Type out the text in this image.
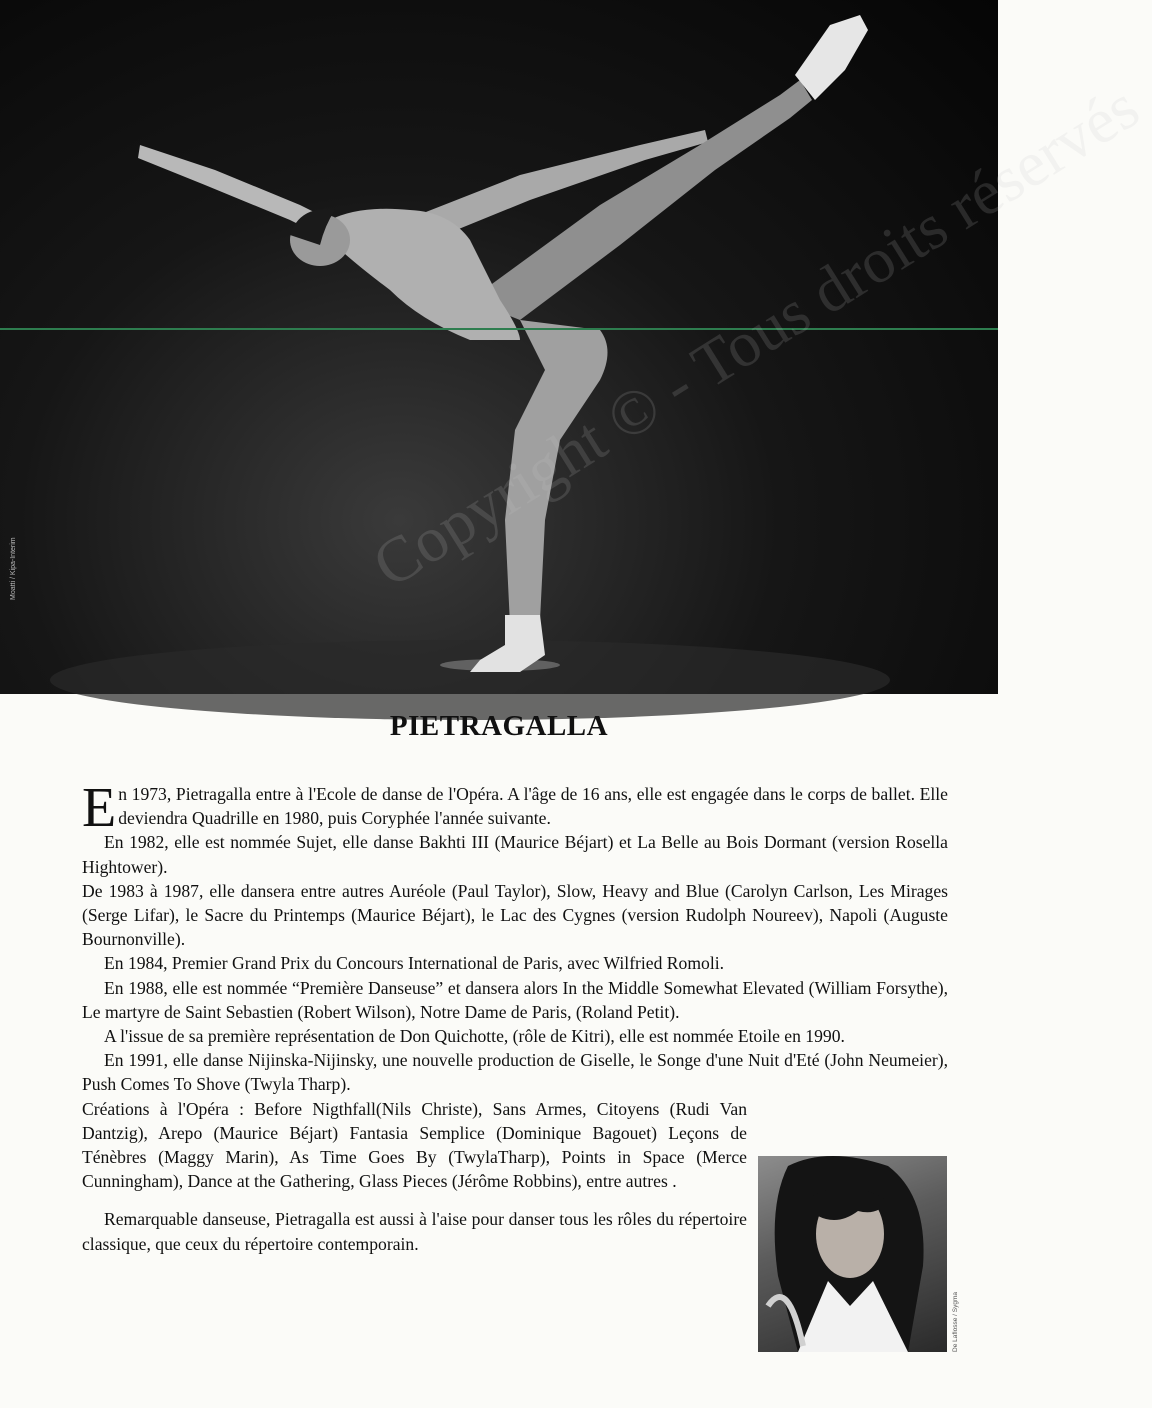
Copyright © - Tous droits réservés
Moatti / Kipa-Interim
PIETRAGALLA

En 1973, Pietragalla entre à l'Ecole de danse de l'Opéra. A l'âge de 16 ans, elle est engagée dans le corps de ballet. Elle deviendra Quadrille en 1980, puis Coryphée l'année suivante.

En 1982, elle est nommée Sujet, elle danse Bakhti III (Maurice Béjart) et La Belle au Bois Dormant (version Rosella Hightower).

De 1983 à 1987, elle dansera entre autres Auréole (Paul Taylor), Slow, Heavy and Blue (Carolyn Carlson, Les Mirages (Serge Lifar), le Sacre du Printemps (Maurice Béjart), le Lac des Cygnes (version Rudolph Noureev), Napoli (Auguste Bournonville).

En 1984, Premier Grand Prix du Concours International de Paris, avec Wilfried Romoli.

En 1988, elle est nommée “Première Danseuse” et dansera alors In the Middle Somewhat Elevated (William Forsythe), Le martyre de Saint Sebastien (Robert Wilson), Notre Dame de Paris, (Roland Petit).

A l'issue de sa première représentation de Don Quichotte, (rôle de Kitri), elle est nommée Etoile en 1990.

En 1991, elle danse Nijinska-Nijinsky, une nouvelle production de Giselle, le Songe d'une Nuit d'Eté (John Neumeier), Push Comes To Shove (Twyla Tharp).

Créations à l'Opéra : Before Nigthfall(Nils Christe), Sans Armes, Citoyens (Rudi Van Dantzig), Arepo (Maurice Béjart) Fantasia Semplice (Dominique Bagouet) Leçons de Ténèbres (Maggy Marin), As Time Goes By (TwylaTharp), Points in Space (Merce Cunningham), Dance at the Gathering, Glass Pieces (Jérôme Robbins), entre autres .

Remarquable danseuse, Pietragalla est aussi à l'aise pour danser tous les rôles du répertoire classique, que ceux du répertoire contemporain.

De Laflosse / Sygma
